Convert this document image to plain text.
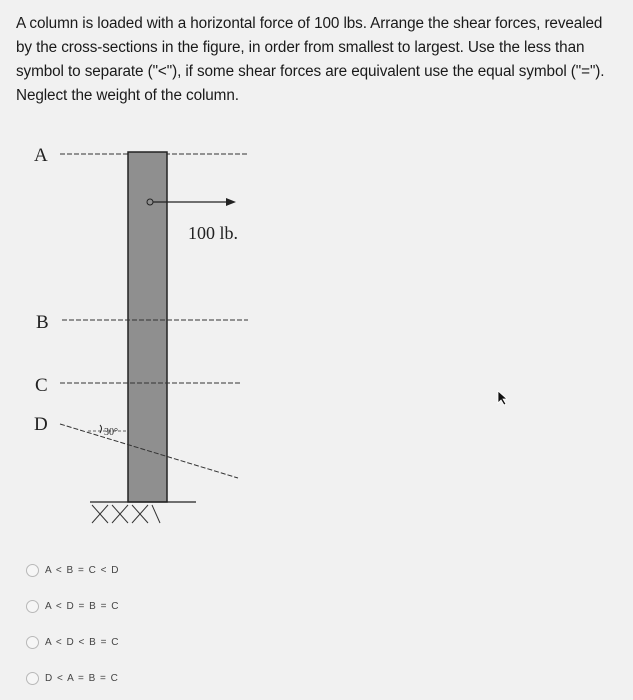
A column is loaded with a horizontal force of 100 lbs. Arrange the shear forces, revealed by the cross-sections in the figure, in order from smallest to largest. Use the less than symbol to separate ("<"), if some shear forces are equivalent use the equal symbol ("="). Neglect the weight of the column.
A
100 lb.
B
C
D	30°
A < B = C < D
A < D = B = C
A < D < B = C
D < A = B = C
